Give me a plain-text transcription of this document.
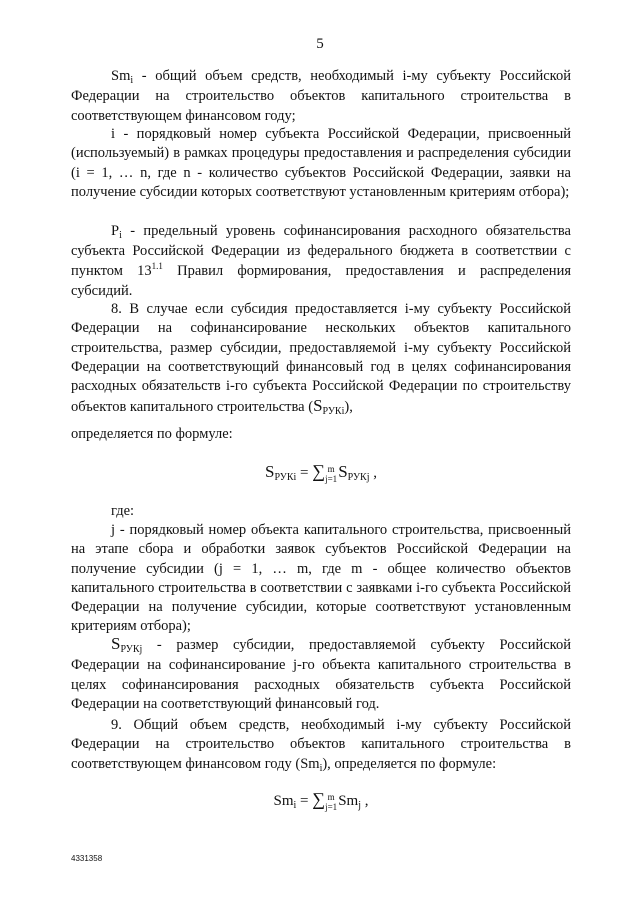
5

$Sm_i$ - общий объем средств, необходимый i-му субъекту Российской Федерации на строительство объектов капитального строительства в соответствующем финансовом году;

i - порядковый номер субъекта Российской Федерации, присвоенный (используемый) в рамках процедуры предоставления и распределения субсидии (i = 1, … n, где n - количество субъектов Российской Федерации, заявки на получение субсидии которых соответствуют установленным критериям отбора);

$P_i$ - предельный уровень софинансирования расходного обязательства субъекта Российской Федерации из федерального бюджета в соответствии с пунктом $13^{1.1}$ Правил формирования, предоставления и распределения субсидий.

8. В случае если субсидия предоставляется i-му субъекту Российской Федерации на софинансирование нескольких объектов капитального строительства, размер субсидии, предоставляемой i-му субъекту Российской Федерации на соответствующий финансовый год в целях софинансирования расходных обязательств i-го субъекта Российской Федерации по строительству объектов капитального строительства $(S_{РУКi})$,

определяется по формуле:

$S_{РУКi}$ = ∑ m
j=1 $S_{РУКj}$ ,

где:

j - порядковый номер объекта капитального строительства, присвоенный на этапе сбора и обработки заявок субъектов Российской Федерации на получение субсидии (j = 1, … m, где m - общее количество объектов капитального строительства в соответствии с заявками i-го субъекта Российской Федерации на получение субсидии, которые соответствуют установленным критериям отбора);

$S_{РУКj}$ - размер субсидии, предоставляемой субъекту Российской Федерации на софинансирование j-го объекта капитального строительства в целях софинансирования расходных обязательств субъекта Российской Федерации на соответствующий финансовый год.

9. Общий объем средств, необходимый i-му субъекту Российской Федерации на строительство объектов капитального строительства в соответствующем финансовом году $(Sm_i)$, определяется по формуле:

$Sm_i$ = ∑ m
j=1 $Sm_j$ ,
4331358
